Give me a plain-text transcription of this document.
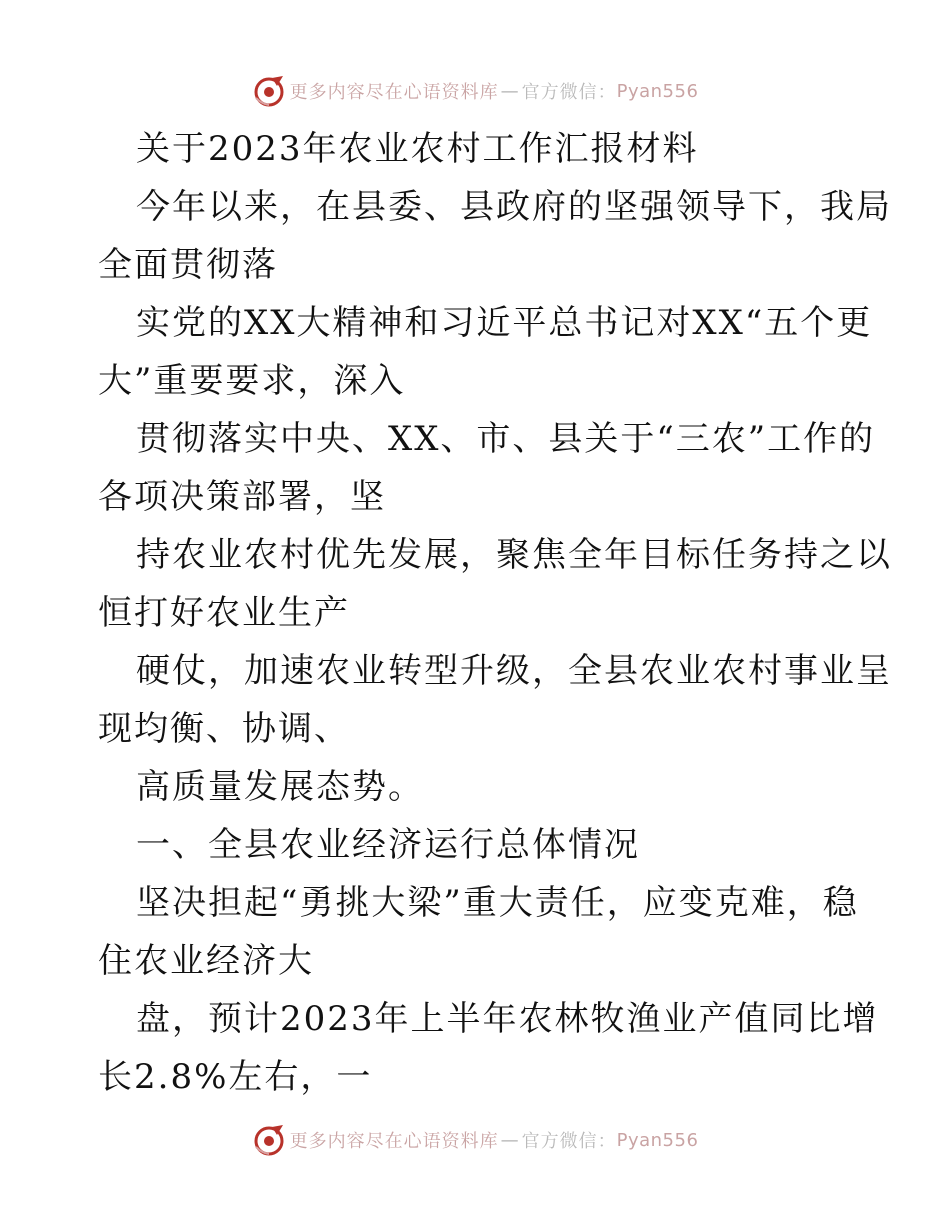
更多内容尽在心语资料库 — 官方微信： Pyan556

关于2023年农业农村工作汇报材料

今年以来，在县委、县政府的坚强领导下，我局

全面贯彻落

实党的XX大精神和习近平总书记对XX“五个更

大”重要要求，深入

贯彻落实中央、XX、市、县关于“三农”工作的

各项决策部署，坚

持农业农村优先发展，聚焦全年目标任务持之以

恒打好农业生产

硬仗，加速农业转型升级，全县农业农村事业呈

现均衡、协调、

高质量发展态势。

一、全县农业经济运行总体情况

坚决担起“勇挑大梁”重大责任，应变克难，稳

住农业经济大

盘，预计2023年上半年农林牧渔业产值同比增

长2.8%左右，一

更多内容尽在心语资料库 — 官方微信： Pyan556
